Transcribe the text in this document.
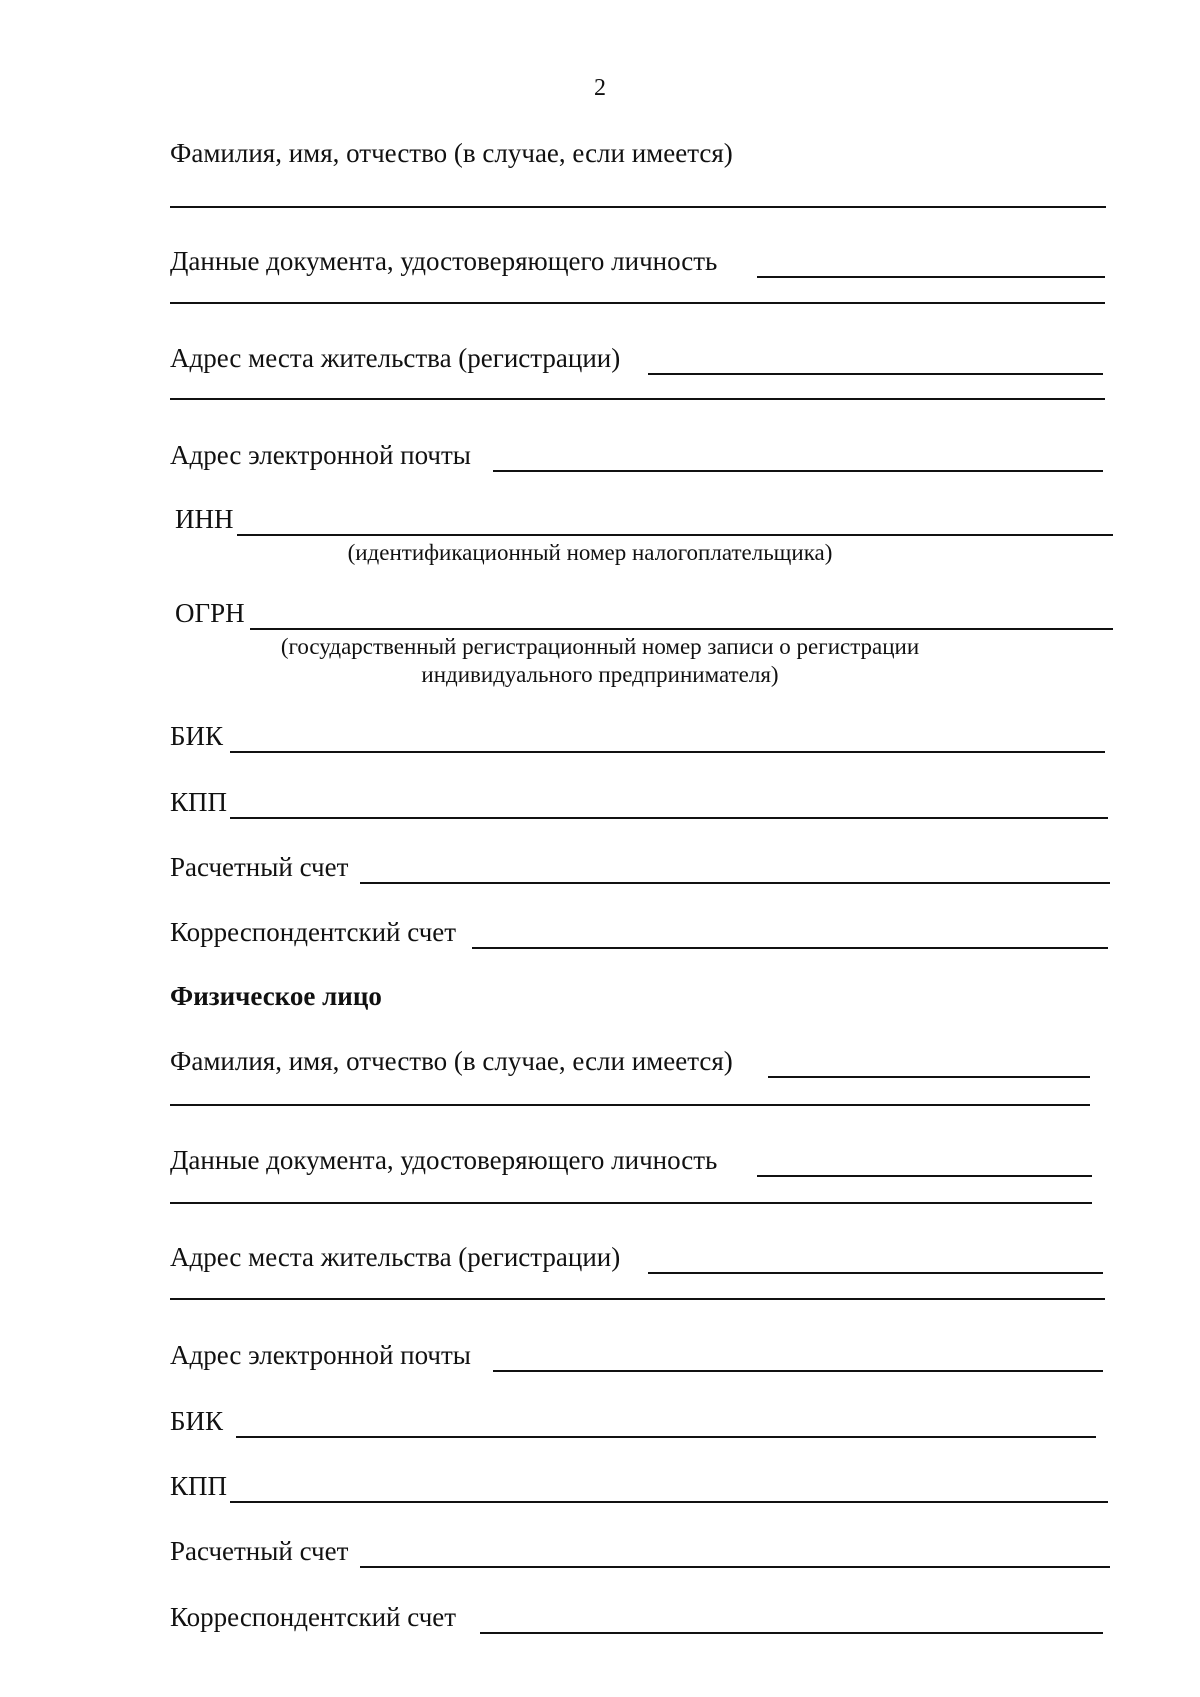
2
Фамилия, имя, отчество (в случае, если имеется)
Данные документа, удостоверяющего личность
Адрес места жительства (регистрации)
Адрес электронной почты
ИНН
(идентификационный номер налогоплательщика)
ОГРН
(государственный регистрационный номер записи о регистрации
индивидуального предпринимателя)
БИК
КПП
Расчетный счет
Корреспондентский счет
Физическое лицо
Фамилия, имя, отчество (в случае, если имеется)
Данные документа, удостоверяющего личность
Адрес места жительства (регистрации)
Адрес электронной почты
БИК
КПП
Расчетный счет
Корреспондентский счет
